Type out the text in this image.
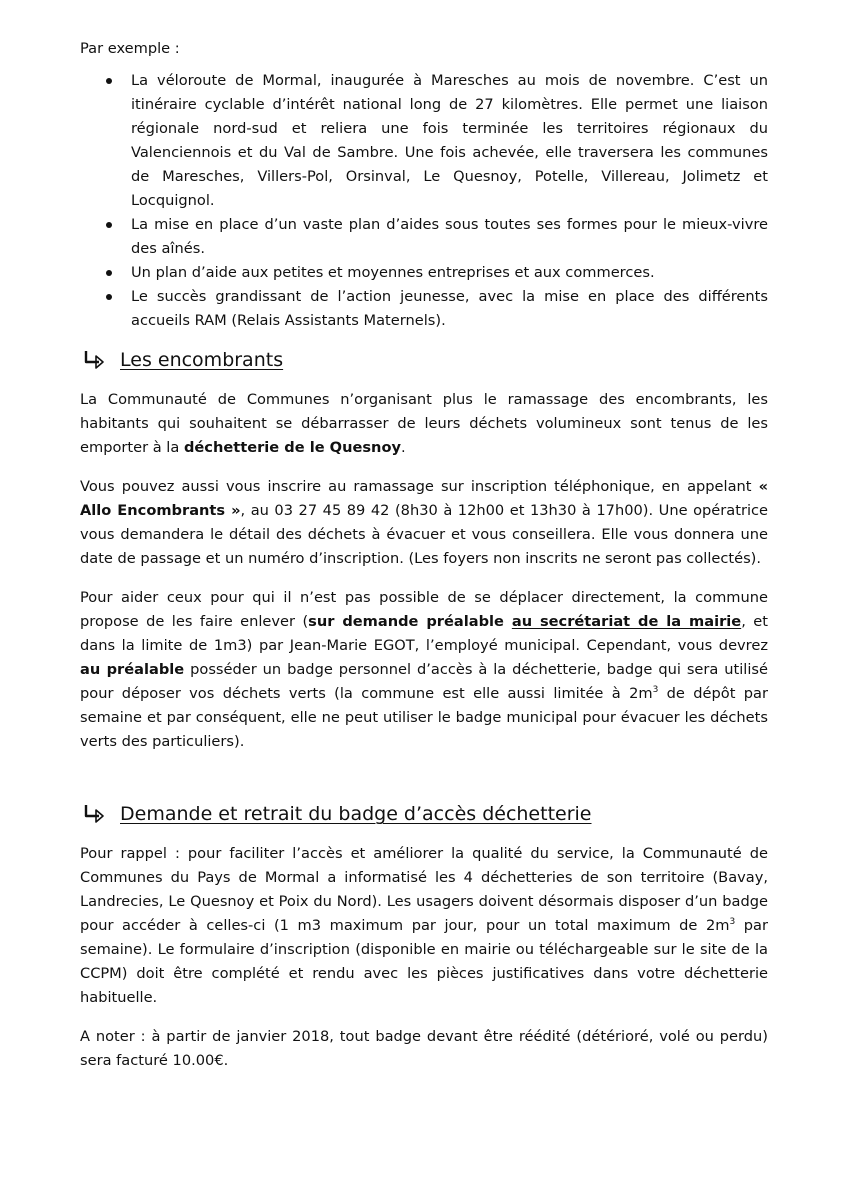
Par exemple :

La véloroute de Mormal, inaugurée à Maresches au mois de novembre. C’est un itinéraire cyclable d’intérêt national long de 27 kilomètres. Elle permet une liaison régionale nord-sud et reliera une fois terminée les territoires régionaux du Valenciennois et du Val de Sambre. Une fois achevée, elle traversera les communes de Maresches, Villers-Pol, Orsinval, Le Quesnoy, Potelle, Villereau, Jolimetz et Locquignol.
La mise en place d’un vaste plan d’aides sous toutes ses formes pour le mieux-vivre des aînés.
Un plan d’aide aux petites et moyennes entreprises et aux commerces.
Le succès grandissant de l’action jeunesse, avec la mise en place des différents accueils RAM (Relais Assistants Maternels).
Les encombrants

La Communauté de Communes n’organisant plus le ramassage des encombrants, les habitants qui souhaitent se débarrasser de leurs déchets volumineux sont tenus de les emporter à la déchetterie de le Quesnoy.

Vous pouvez aussi vous inscrire au ramassage sur inscription téléphonique, en appelant « Allo Encombrants », au 03 27 45 89 42 (8h30 à 12h00 et 13h30 à 17h00). Une opératrice vous demandera le détail des déchets à évacuer et vous conseillera. Elle vous donnera une date de passage et un numéro d’inscription. (Les foyers non inscrits ne seront pas collectés).

Pour aider ceux pour qui il n’est pas possible de se déplacer directement, la commune propose de les faire enlever (sur demande préalable au secrétariat de la mairie, et dans la limite de 1m3) par Jean-Marie EGOT, l’employé municipal. Cependant, vous devrez au préalable posséder un badge personnel d’accès à la déchetterie, badge qui sera utilisé pour déposer vos déchets verts (la commune est elle aussi limitée à $2m^3$ de dépôt par semaine et par conséquent, elle ne peut utiliser le badge municipal pour évacuer les déchets verts des particuliers).

Demande et retrait du badge d’accès déchetterie

Pour rappel : pour faciliter l’accès et améliorer la qualité du service, la Communauté de Communes du Pays de Mormal a informatisé les 4 déchetteries de son territoire (Bavay, Landrecies, Le Quesnoy et Poix du Nord). Les usagers doivent désormais disposer d’un badge pour accéder à celles-ci (1 m3 maximum par jour, pour un total maximum de $2m^3$ par semaine). Le formulaire d’inscription (disponible en mairie ou téléchargeable sur le site de la CCPM) doit être complété et rendu avec les pièces justificatives dans votre déchetterie habituelle.

A noter : à partir de janvier 2018, tout badge devant être réédité (détérioré, volé ou perdu) sera facturé 10.00€.
